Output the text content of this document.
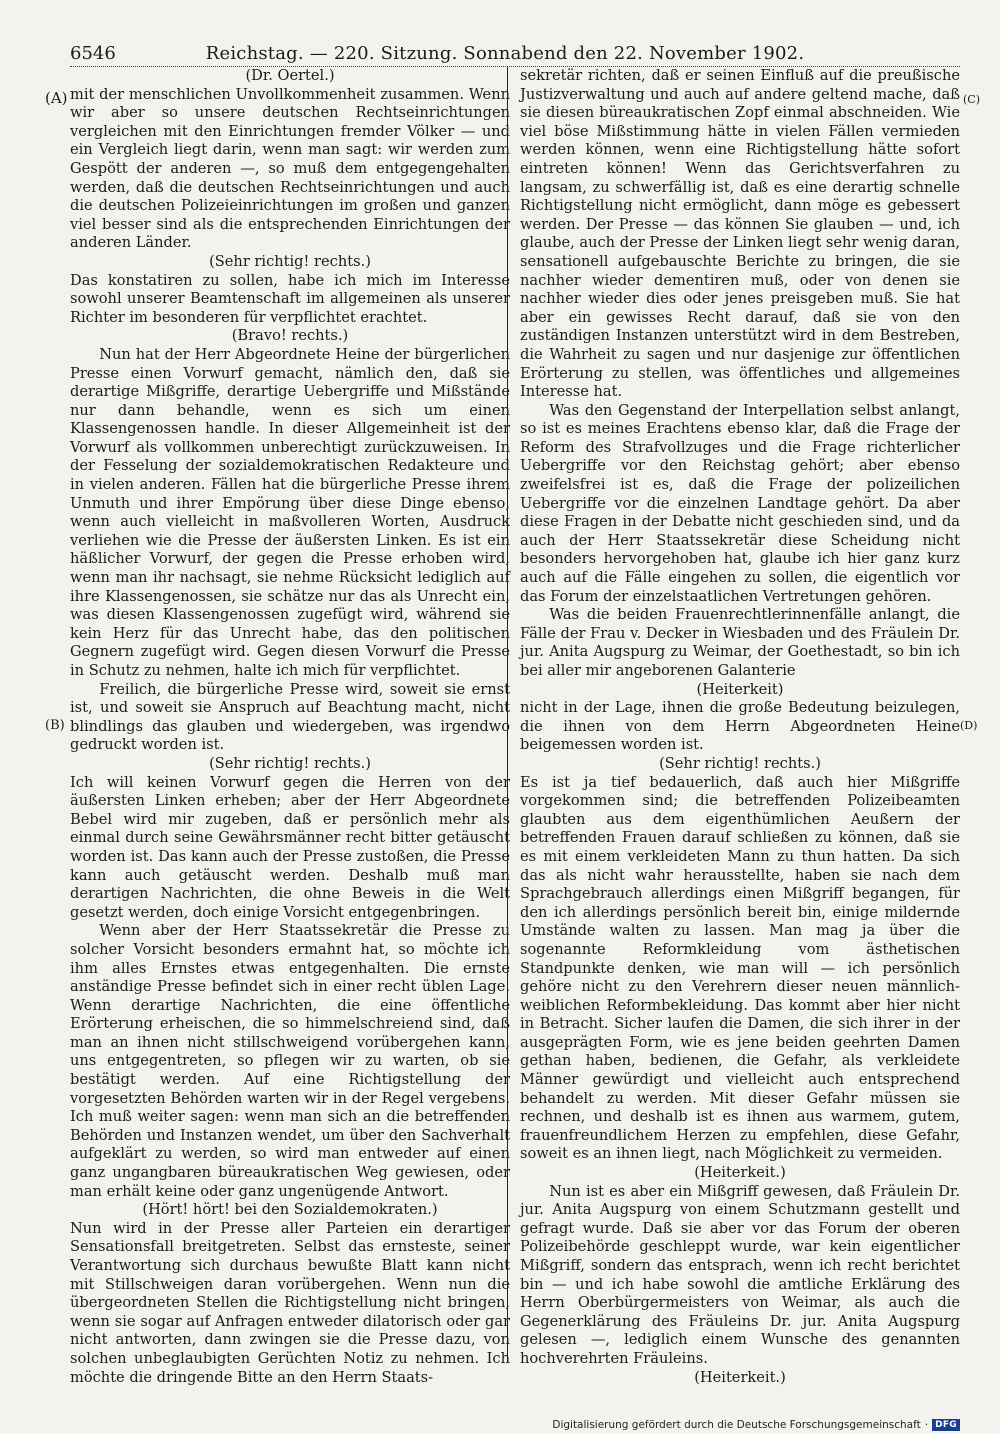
6546	Reichstag. — 220. Sitzung. Sonnabend den 22. November 1902.
(A)
(B)
(C)
(D)

(Dr. Oertel.)

mit der menschlichen Unvollkommenheit zusammen. Wenn wir aber so unsere deutschen Rechtseinrichtungen vergleichen mit den Einrichtungen fremder Völker — und ein Vergleich liegt darin, wenn man sagt: wir werden zum Gespött der anderen —, so muß dem entgegengehalten werden, daß die deutschen Rechtseinrichtungen und auch die deutschen Polizeieinrichtungen im großen und ganzen viel besser sind als die entsprechenden Einrichtungen der anderen Länder.

(Sehr richtig! rechts.)

Das konstatiren zu sollen, habe ich mich im Interesse sowohl unserer Beamtenschaft im allgemeinen als unserer Richter im besonderen für verpflichtet erachtet.

(Bravo! rechts.)

Nun hat der Herr Abgeordnete Heine der bürgerlichen Presse einen Vorwurf gemacht, nämlich den, daß sie derartige Mißgriffe, derartige Uebergriffe und Mißstände nur dann behandle, wenn es sich um einen Klassengenossen handle. In dieser Allgemeinheit ist der Vorwurf als vollkommen unberechtigt zurückzuweisen. In der Fesselung der sozialdemokratischen Redakteure und in vielen anderen. Fällen hat die bürgerliche Presse ihrem Unmuth und ihrer Empörung über diese Dinge ebenso, wenn auch vielleicht in maßvolleren Worten, Ausdruck verliehen wie die Presse der äußersten Linken. Es ist ein häßlicher Vorwurf, der gegen die Presse erhoben wird, wenn man ihr nachsagt, sie nehme Rücksicht lediglich auf ihre Klassengenossen, sie schätze nur das als Unrecht ein, was diesen Klassengenossen zugefügt wird, während sie kein Herz für das Unrecht habe, das den politischen Gegnern zugefügt wird. Gegen diesen Vorwurf die Presse in Schutz zu nehmen, halte ich mich für verpflichtet.

Freilich, die bürgerliche Presse wird, soweit sie ernst ist, und soweit sie Anspruch auf Beachtung macht, nicht blindlings das glauben und wiedergeben, was irgendwo gedruckt worden ist.

(Sehr richtig! rechts.)

Ich will keinen Vorwurf gegen die Herren von der äußersten Linken erheben; aber der Herr Abgeordnete Bebel wird mir zugeben, daß er persönlich mehr als einmal durch seine Gewährsmänner recht bitter getäuscht worden ist. Das kann auch der Presse zustoßen, die Presse kann auch getäuscht werden. Deshalb muß man derartigen Nachrichten, die ohne Beweis in die Welt gesetzt werden, doch einige Vorsicht entgegenbringen.

Wenn aber der Herr Staatssekretär die Presse zu solcher Vorsicht besonders ermahnt hat, so möchte ich ihm alles Ernstes etwas entgegenhalten. Die ernste anständige Presse befindet sich in einer recht üblen Lage. Wenn derartige Nachrichten, die eine öffentliche Erörterung erheischen, die so himmelschreiend sind, daß man an ihnen nicht stillschweigend vorübergehen kann, uns entgegentreten, so pflegen wir zu warten, ob sie bestätigt werden. Auf eine Richtigstellung der vorgesetzten Behörden warten wir in der Regel vergebens. Ich muß weiter sagen: wenn man sich an die betreffenden Behörden und Instanzen wendet, um über den Sachverhalt aufgeklärt zu werden, so wird man entweder auf einen ganz ungangbaren büreaukratischen Weg gewiesen, oder man erhält keine oder ganz ungenügende Antwort.

(Hört! hört! bei den Sozialdemokraten.)

Nun wird in der Presse aller Parteien ein derartiger Sensationsfall breitgetreten. Selbst das ernsteste, seiner Verantwortung sich durchaus bewußte Blatt kann nicht mit Stillschweigen daran vorübergehen. Wenn nun die übergeordneten Stellen die Richtigstellung nicht bringen, wenn sie sogar auf Anfragen entweder dilatorisch oder gar nicht antworten, dann zwingen sie die Presse dazu, von solchen unbeglaubigten Gerüchten Notiz zu nehmen. Ich möchte die dringende Bitte an den Herrn Staats-

sekretär richten, daß er seinen Einfluß auf die preußische Justizverwaltung und auch auf andere geltend mache, daß sie diesen büreaukratischen Zopf einmal abschneiden. Wie viel böse Mißstimmung hätte in vielen Fällen vermieden werden können, wenn eine Richtigstellung hätte sofort eintreten können! Wenn das Gerichtsverfahren zu langsam, zu schwerfällig ist, daß es eine derartig schnelle Richtigstellung nicht ermöglicht, dann möge es gebessert werden. Der Presse — das können Sie glauben — und, ich glaube, auch der Presse der Linken liegt sehr wenig daran, sensationell aufgebauschte Berichte zu bringen, die sie nachher wieder dementiren muß, oder von denen sie nachher wieder dies oder jenes preisgeben muß. Sie hat aber ein gewisses Recht darauf, daß sie von den zuständigen Instanzen unterstützt wird in dem Bestreben, die Wahrheit zu sagen und nur dasjenige zur öffentlichen Erörterung zu stellen, was öffentliches und allgemeines Interesse hat.

Was den Gegenstand der Interpellation selbst anlangt, so ist es meines Erachtens ebenso klar, daß die Frage der Reform des Strafvollzuges und die Frage richterlicher Uebergriffe vor den Reichstag gehört; aber ebenso zweifelsfrei ist es, daß die Frage der polizeilichen Uebergriffe vor die einzelnen Landtage gehört. Da aber diese Fragen in der Debatte nicht geschieden sind, und da auch der Herr Staatssekretär diese Scheidung nicht besonders hervorgehoben hat, glaube ich hier ganz kurz auch auf die Fälle eingehen zu sollen, die eigentlich vor das Forum der einzelstaatlichen Vertretungen gehören.

Was die beiden Frauenrechtlerinnenfälle anlangt, die Fälle der Frau v. Decker in Wiesbaden und des Fräulein Dr. jur. Anita Augspurg zu Weimar, der Goethestadt, so bin ich bei aller mir angeborenen Galanterie

(Heiterkeit)

nicht in der Lage, ihnen die große Bedeutung beizulegen, die ihnen von dem Herrn Abgeordneten Heine beigemessen worden ist.

(Sehr richtig! rechts.)

Es ist ja tief bedauerlich, daß auch hier Mißgriffe vorgekommen sind; die betreffenden Polizeibeamten glaubten aus dem eigenthümlichen Aeußern der betreffenden Frauen darauf schließen zu können, daß sie es mit einem verkleideten Mann zu thun hatten. Da sich das als nicht wahr herausstellte, haben sie nach dem Sprachgebrauch allerdings einen Mißgriff begangen, für den ich allerdings persönlich bereit bin, einige mildernde Umstände walten zu lassen. Man mag ja über die sogenannte Reformkleidung vom ästhetischen Standpunkte denken, wie man will — ich persönlich gehöre nicht zu den Verehrern dieser neuen männlich-weiblichen Reformbekleidung. Das kommt aber hier nicht in Betracht. Sicher laufen die Damen, die sich ihrer in der ausgeprägten Form, wie es jene beiden geehrten Damen gethan haben, bedienen, die Gefahr, als verkleidete Männer gewürdigt und vielleicht auch entsprechend behandelt zu werden. Mit dieser Gefahr müssen sie rechnen, und deshalb ist es ihnen aus warmem, gutem, frauenfreundlichem Herzen zu empfehlen, diese Gefahr, soweit es an ihnen liegt, nach Möglichkeit zu vermeiden.

(Heiterkeit.)

Nun ist es aber ein Mißgriff gewesen, daß Fräulein Dr. jur. Anita Augspurg von einem Schutzmann gestellt und gefragt wurde. Daß sie aber vor das Forum der oberen Polizeibehörde geschleppt wurde, war kein eigentlicher Mißgriff, sondern das entsprach, wenn ich recht berichtet bin — und ich habe sowohl die amtliche Erklärung des Herrn Oberbürgermeisters von Weimar, als auch die Gegenerklärung des Fräuleins Dr. jur. Anita Augspurg gelesen —, lediglich einem Wunsche des genannten hochverehrten Fräuleins.

(Heiterkeit.)

Digitalisierung gefördert durch die Deutsche Forschungsgemeinschaft · DFG
